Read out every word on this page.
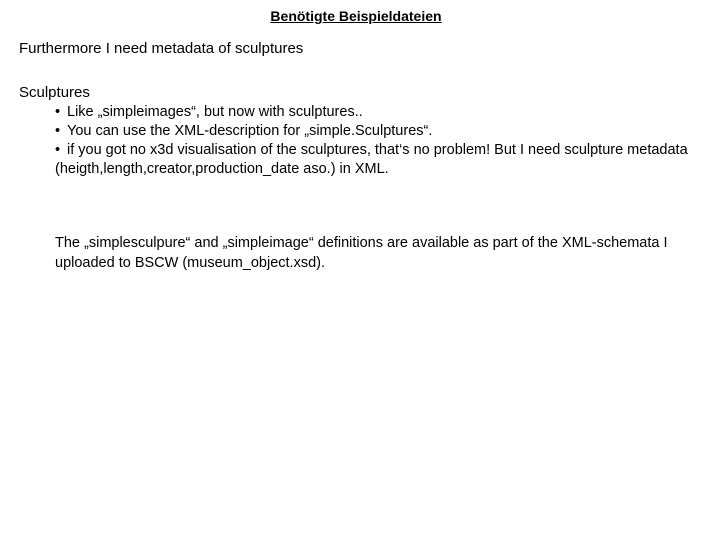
Benötigte Beispieldateien
Furthermore I need metadata of sculptures
Sculptures
• Like „simpleimages“, but now with sculptures..
• You can use the XML-description for „simple.Sculptures“.
• if you got no x3d visualisation of the sculptures, that‘s no problem! But I need sculpture metadata (heigth,length,creator,production_date aso.) in XML.

The „simplesculpure“ and „simpleimage“ definitions are available as part of the XML-schemata I uploaded to BSCW (museum_object.xsd).
